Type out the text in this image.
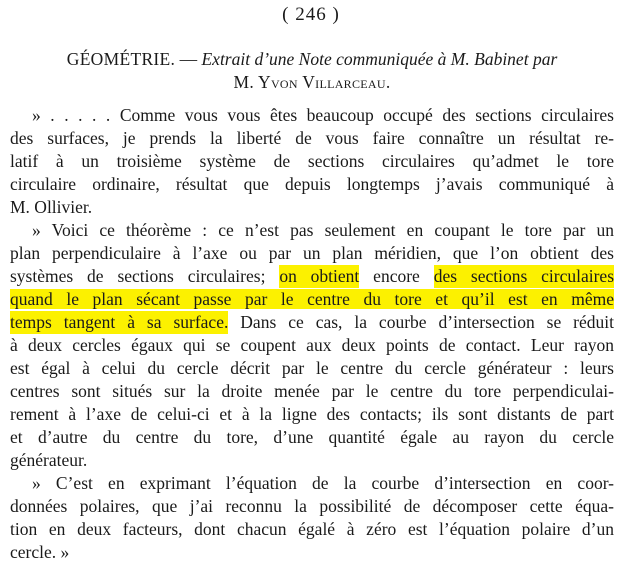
( 246 )
GÉOMÉTRIE. — Extrait d’une Note communiquée à M. Babinet par
M. Yvon Villarceau.
» . . . . . Comme vous vous êtes beaucoup occupé des sections circulaires
des surfaces, je prends la liberté de vous faire connaître un résultat re-
latif à un troisième système de sections circulaires qu’admet le tore
circulaire ordinaire, résultat que depuis longtemps j’avais communiqué à
M. Ollivier.
» Voici ce théorème : ce n’est pas seulement en coupant le tore par un
plan perpendiculaire à l’axe ou par un plan méridien, que l’on obtient des
systèmes de sections circulaires; on obtient encore des sections circulaires
quand le plan sécant passe par le centre du tore et qu’il est en même
temps tangent à sa surface. Dans ce cas, la courbe d’intersection se réduit
à deux cercles égaux qui se coupent aux deux points de contact. Leur rayon
est égal à celui du cercle décrit par le centre du cercle générateur : leurs
centres sont situés sur la droite menée par le centre du tore perpendiculai-
rement à l’axe de celui-ci et à la ligne des contacts; ils sont distants de part
et d’autre du centre du tore, d’une quantité égale au rayon du cercle
générateur.
» C’est en exprimant l’équation de la courbe d’intersection en coor-
données polaires, que j’ai reconnu la possibilité de décomposer cette équa-
tion en deux facteurs, dont chacun égalé à zéro est l’équation polaire d’un
cercle. »
